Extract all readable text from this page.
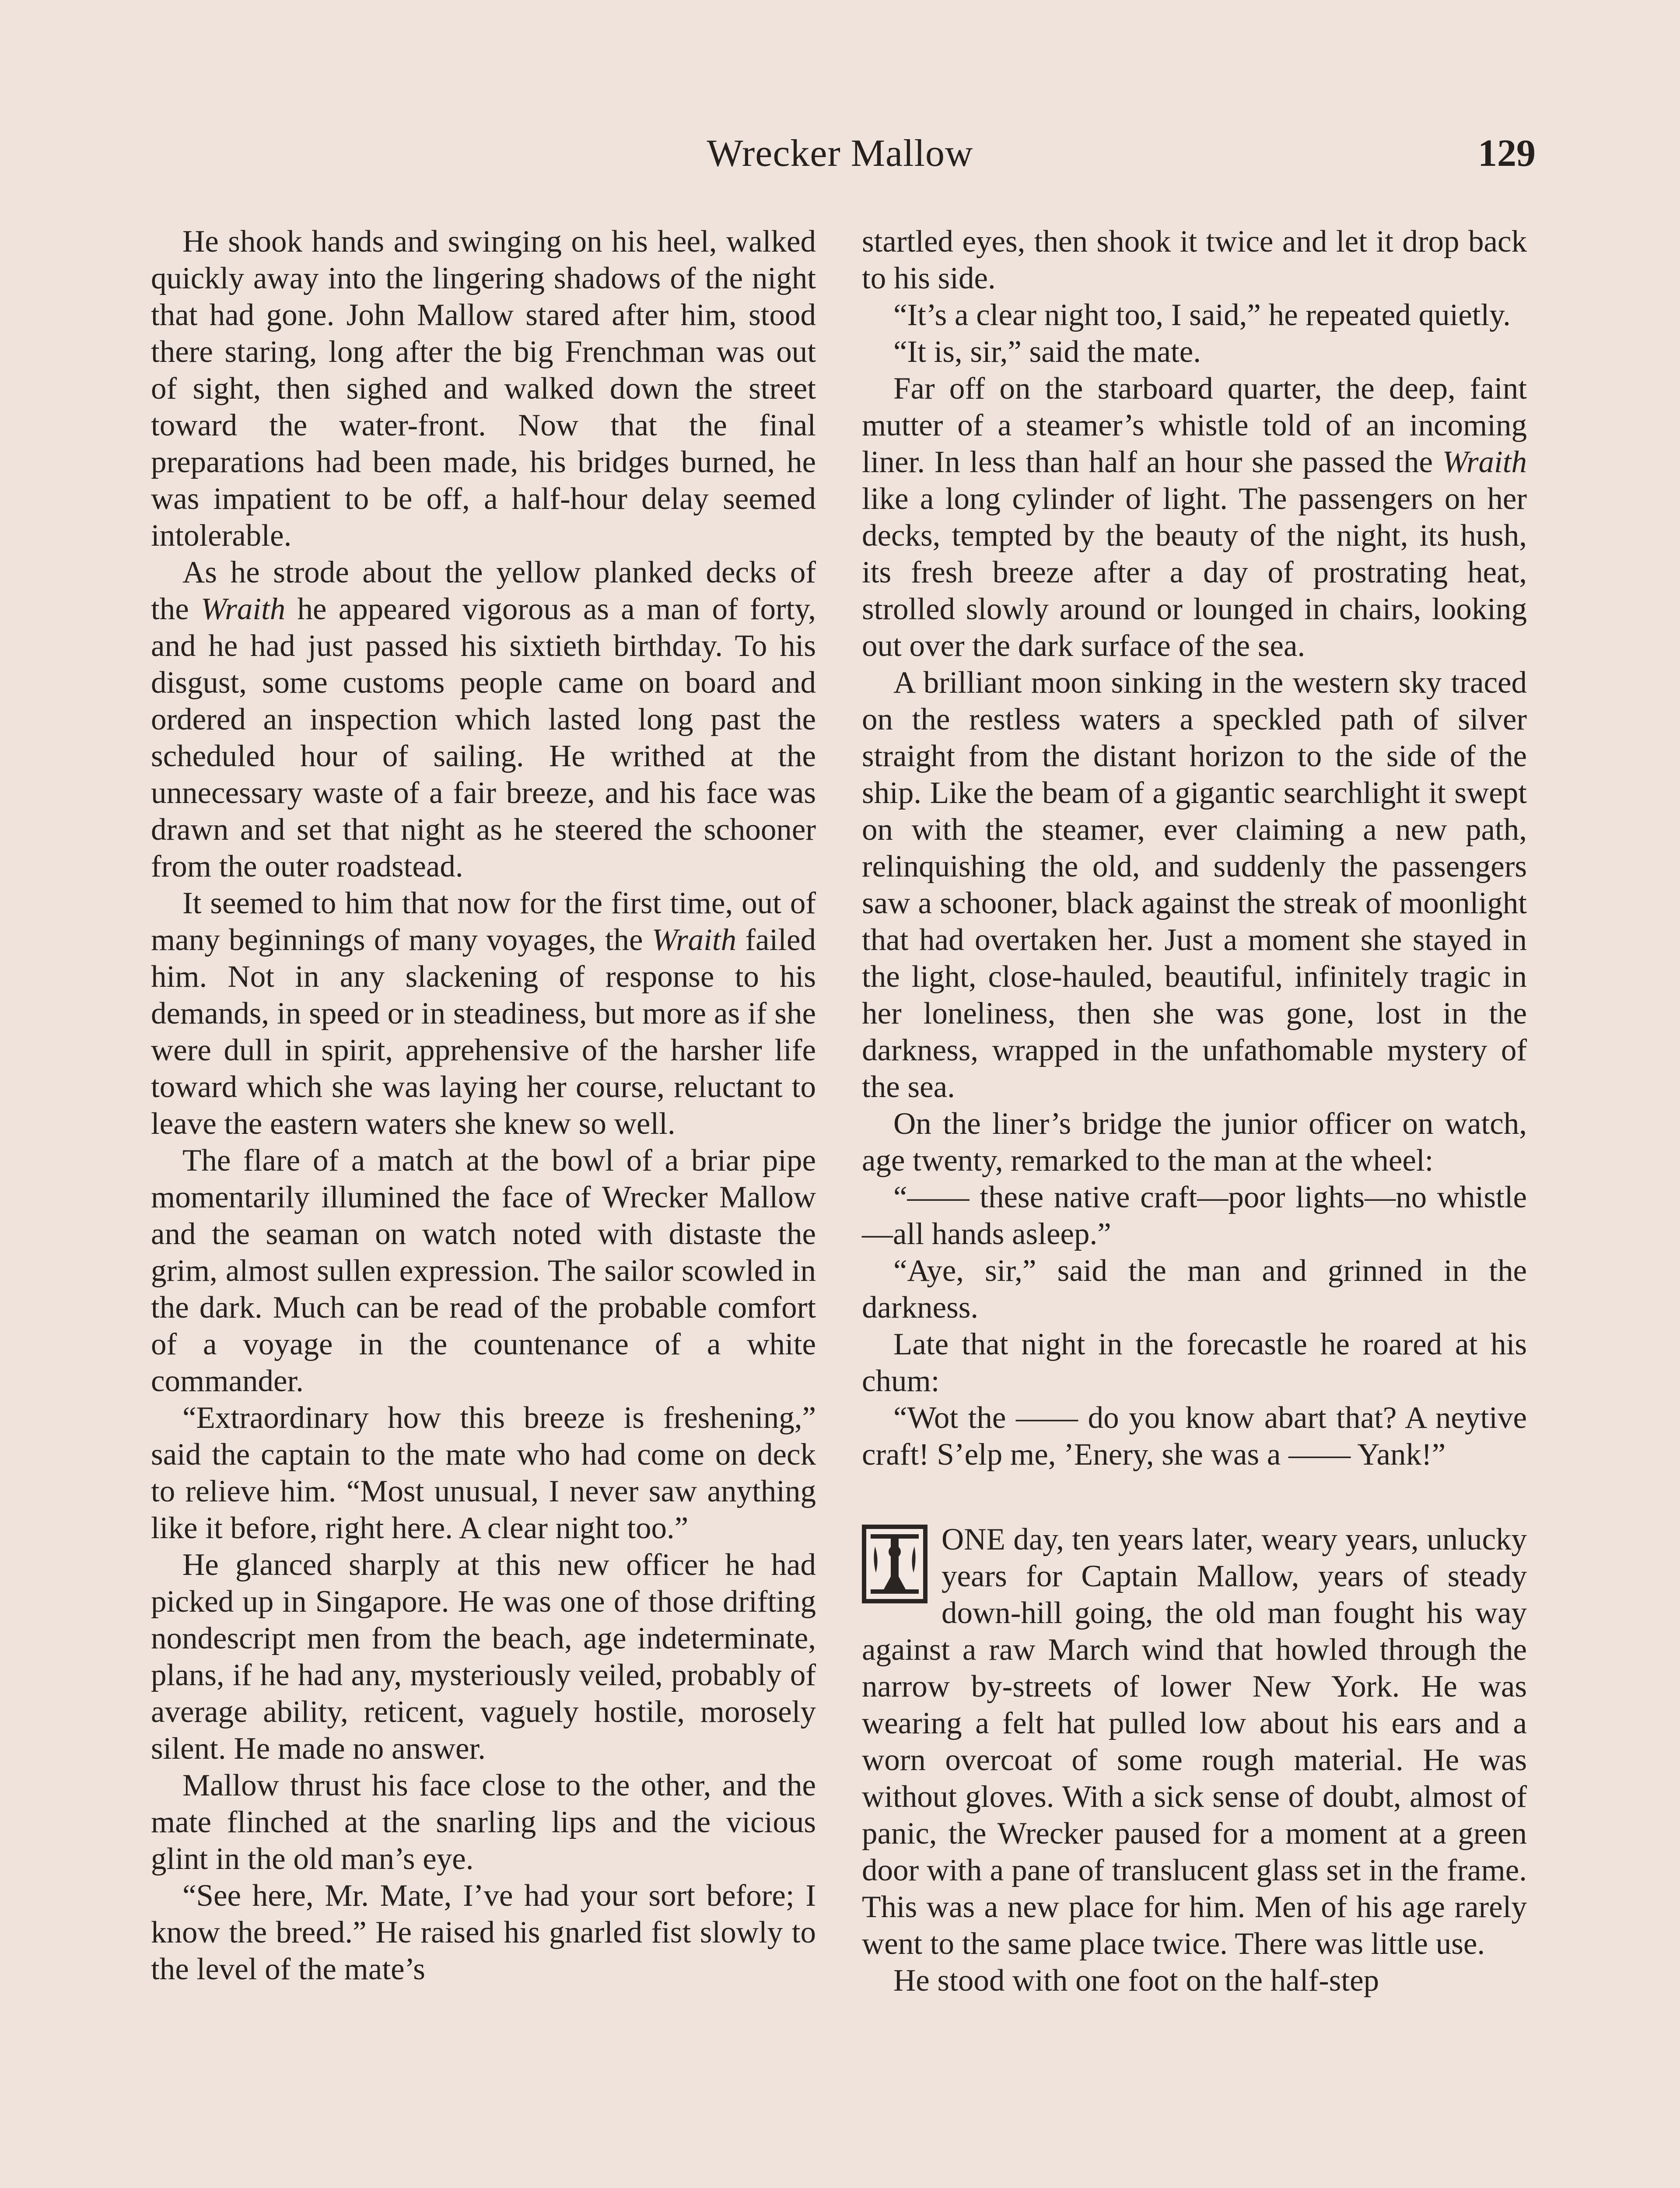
Wrecker Mallow	129

He shook hands and swinging on his heel, walked quickly away into the lingering shadows of the night that had gone. John Mallow stared after him, stood there staring, long after the big Frenchman was out of sight, then sighed and walked down the street toward the water-front. Now that the final preparations had been made, his bridges burned, he was impatient to be off, a half-hour delay seemed intolerable.

As he strode about the yellow planked decks of the Wraith he appeared vigorous as a man of forty, and he had just passed his sixtieth birthday. To his disgust, some customs people came on board and ordered an inspection which lasted long past the scheduled hour of sailing. He writhed at the unnecessary waste of a fair breeze, and his face was drawn and set that night as he steered the schooner from the outer roadstead.

It seemed to him that now for the first time, out of many beginnings of many voyages, the Wraith failed him. Not in any slackening of response to his demands, in speed or in steadiness, but more as if she were dull in spirit, apprehensive of the harsher life toward which she was laying her course, reluctant to leave the eastern waters she knew so well.

The flare of a match at the bowl of a briar pipe momentarily illumined the face of Wrecker Mallow and the seaman on watch noted with distaste the grim, almost sullen expression. The sailor scowled in the dark. Much can be read of the probable comfort of a voyage in the countenance of a white commander.

“Extraordinary how this breeze is freshening,” said the captain to the mate who had come on deck to relieve him. “Most unusual, I never saw anything like it before, right here. A clear night too.”

He glanced sharply at this new officer he had picked up in Singapore. He was one of those drifting nondescript men from the beach, age indeterminate, plans, if he had any, mysteriously veiled, probably of average ability, reticent, vaguely hostile, morosely silent. He made no answer.

Mallow thrust his face close to the other, and the mate flinched at the snarling lips and the vicious glint in the old man’s eye.

“See here, Mr. Mate, I’ve had your sort before; I know the breed.” He raised his gnarled fist slowly to the level of the mate’s

startled eyes, then shook it twice and let it drop back to his side.

“It’s a clear night too, I said,” he repeated quietly.

“It is, sir,” said the mate.

Far off on the starboard quarter, the deep, faint mutter of a steamer’s whistle told of an incoming liner. In less than half an hour she passed the Wraith like a long cylinder of light. The passengers on her decks, tempted by the beauty of the night, its hush, its fresh breeze after a day of prostrating heat, strolled slowly around or lounged in chairs, looking out over the dark surface of the sea.

A brilliant moon sinking in the western sky traced on the restless waters a speckled path of silver straight from the distant horizon to the side of the ship. Like the beam of a gigantic searchlight it swept on with the steamer, ever claiming a new path, relinquishing the old, and suddenly the passengers saw a schooner, black against the streak of moonlight that had overtaken her. Just a moment she stayed in the light, close-hauled, beautiful, infinitely tragic in her loneliness, then she was gone, lost in the darkness, wrapped in the unfathomable mystery of the sea.

On the liner’s bridge the junior officer on watch, age twenty, remarked to the man at the wheel:

“—— these native craft—poor lights—no whistle—all hands asleep.”

“Aye, sir,” said the man and grinned in the darkness.

Late that night in the forecastle he roared at his chum:

“Wot the —— do you know abart that? A neytive craft! S’elp me, ’Enery, she was a —— Yank!”

ONE day, ten years later, weary years, unlucky years for Captain Mallow, years of steady down-hill going, the old man fought his way against a raw March wind that howled through the narrow by-streets of lower New York. He was wearing a felt hat pulled low about his ears and a worn overcoat of some rough material. He was without gloves. With a sick sense of doubt, almost of panic, the Wrecker paused for a moment at a green door with a pane of translucent glass set in the frame. This was a new place for him. Men of his age rarely went to the same place twice. There was little use.

He stood with one foot on the half-step
